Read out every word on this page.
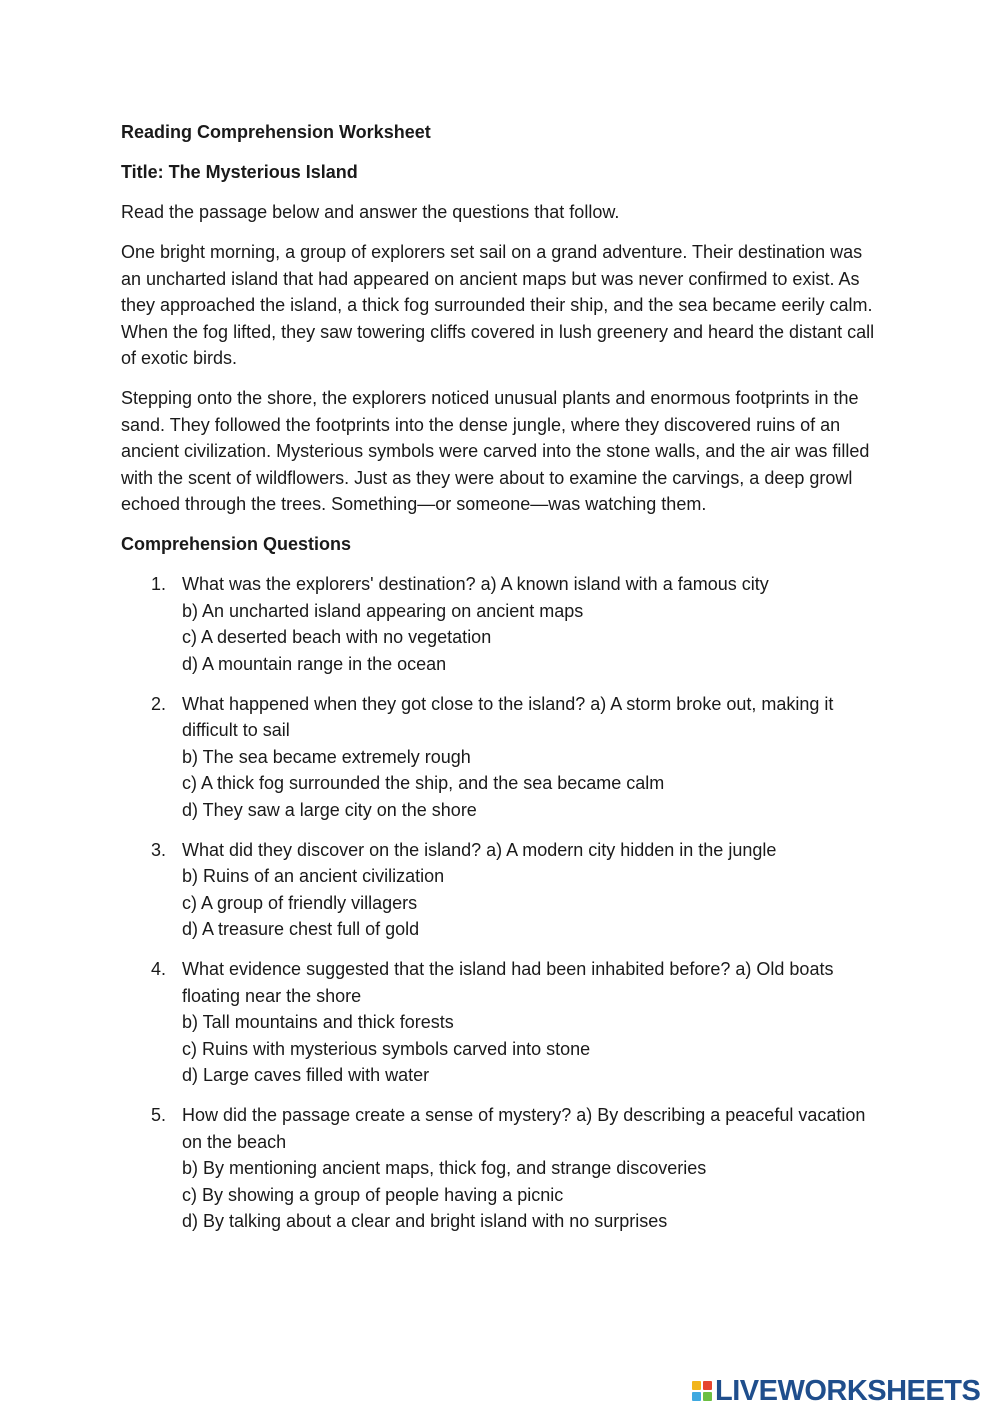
Reading Comprehension Worksheet

Title: The Mysterious Island

Read the passage below and answer the questions that follow.

One bright morning, a group of explorers set sail on a grand adventure. Their destination was an uncharted island that had appeared on ancient maps but was never confirmed to exist. As they approached the island, a thick fog surrounded their ship, and the sea became eerily calm. When the fog lifted, they saw towering cliffs covered in lush greenery and heard the distant call of exotic birds.

Stepping onto the shore, the explorers noticed unusual plants and enormous footprints in the sand. They followed the footprints into the dense jungle, where they discovered ruins of an ancient civilization. Mysterious symbols were carved into the stone walls, and the air was filled with the scent of wildflowers. Just as they were about to examine the carvings, a deep growl echoed through the trees. Something—or someone—was watching them.

Comprehension Questions

1. What was the explorers' destination? a) A known island with a famous city
b) An uncharted island appearing on ancient maps
c) A deserted beach with no vegetation
d) A mountain range in the ocean
2. What happened when they got close to the island? a) A storm broke out, making it difficult to sail
b) The sea became extremely rough
c) A thick fog surrounded the ship, and the sea became calm
d) They saw a large city on the shore
3. What did they discover on the island? a) A modern city hidden in the jungle
b) Ruins of an ancient civilization
c) A group of friendly villagers
d) A treasure chest full of gold
4. What evidence suggested that the island had been inhabited before? a) Old boats floating near the shore
b) Tall mountains and thick forests
c) Ruins with mysterious symbols carved into stone
d) Large caves filled with water
5. How did the passage create a sense of mystery? a) By describing a peaceful vacation on the beach
b) By mentioning ancient maps, thick fog, and strange discoveries
c) By showing a group of people having a picnic
d) By talking about a clear and bright island with no surprises
LIVEWORKSHEETS
